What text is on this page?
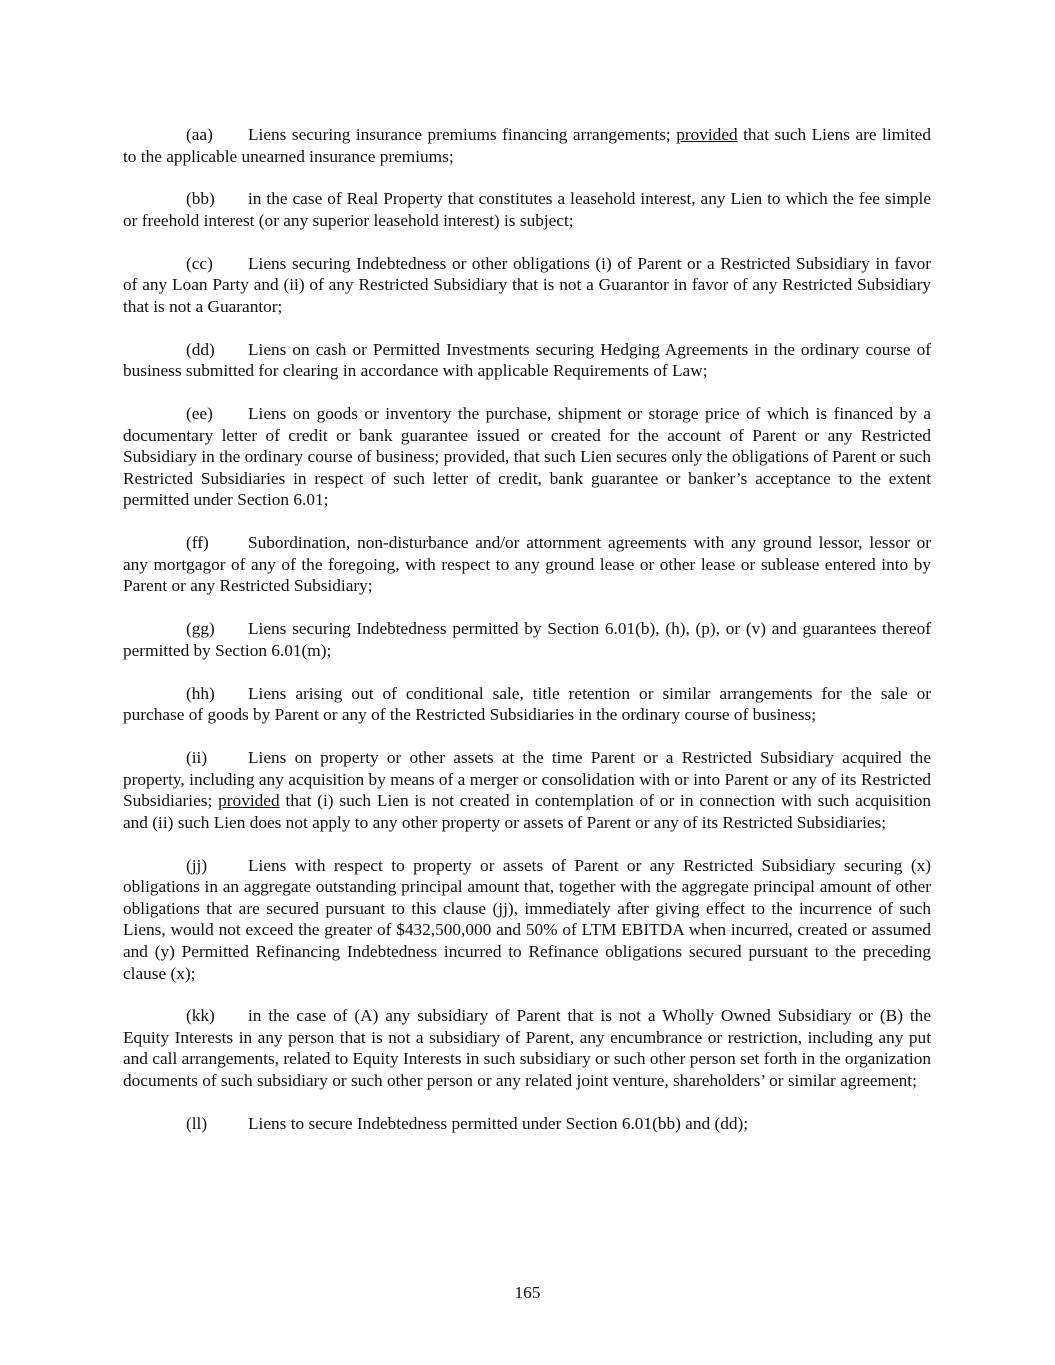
(aa) Liens securing insurance premiums financing arrangements; provided that such Liens are limited to the applicable unearned insurance premiums;

(bb) in the case of Real Property that constitutes a leasehold interest, any Lien to which the fee simple or freehold interest (or any superior leasehold interest) is subject;

(cc) Liens securing Indebtedness or other obligations (i) of Parent or a Restricted Subsidiary in favor of any Loan Party and (ii) of any Restricted Subsidiary that is not a Guarantor in favor of any Restricted Subsidiary that is not a Guarantor;

(dd) Liens on cash or Permitted Investments securing Hedging Agreements in the ordinary course of business submitted for clearing in accordance with applicable Requirements of Law;

(ee) Liens on goods or inventory the purchase, shipment or storage price of which is financed by a documentary letter of credit or bank guarantee issued or created for the account of Parent or any Restricted Subsidiary in the ordinary course of business; provided, that such Lien secures only the obligations of Parent or such Restricted Subsidiaries in respect of such letter of credit, bank guarantee or banker’s acceptance to the extent permitted under Section 6.01;

(ff) Subordination, non-disturbance and/or attornment agreements with any ground lessor, lessor or any mortgagor of any of the foregoing, with respect to any ground lease or other lease or sublease entered into by Parent or any Restricted Subsidiary;

(gg) Liens securing Indebtedness permitted by Section 6.01(b), (h), (p), or (v) and guarantees thereof permitted by Section 6.01(m);

(hh) Liens arising out of conditional sale, title retention or similar arrangements for the sale or purchase of goods by Parent or any of the Restricted Subsidiaries in the ordinary course of business;

(ii) Liens on property or other assets at the time Parent or a Restricted Subsidiary acquired the property, including any acquisition by means of a merger or consolidation with or into Parent or any of its Restricted Subsidiaries; provided that (i) such Lien is not created in contemplation of or in connection with such acquisition and (ii) such Lien does not apply to any other property or assets of Parent or any of its Restricted Subsidiaries;

(jj) Liens with respect to property or assets of Parent or any Restricted Subsidiary securing (x) obligations in an aggregate outstanding principal amount that, together with the aggregate principal amount of other obligations that are secured pursuant to this clause (jj), immediately after giving effect to the incurrence of such Liens, would not exceed the greater of $432,500,000 and 50% of LTM EBITDA when incurred, created or assumed and (y) Permitted Refinancing Indebtedness incurred to Refinance obligations secured pursuant to the preceding clause (x);

(kk) in the case of (A) any subsidiary of Parent that is not a Wholly Owned Subsidiary or (B) the Equity Interests in any person that is not a subsidiary of Parent, any encumbrance or restriction, including any put and call arrangements, related to Equity Interests in such subsidiary or such other person set forth in the organization documents of such subsidiary or such other person or any related joint venture, shareholders’ or similar agreement;

(ll) Liens to secure Indebtedness permitted under Section 6.01(bb) and (dd);

165
